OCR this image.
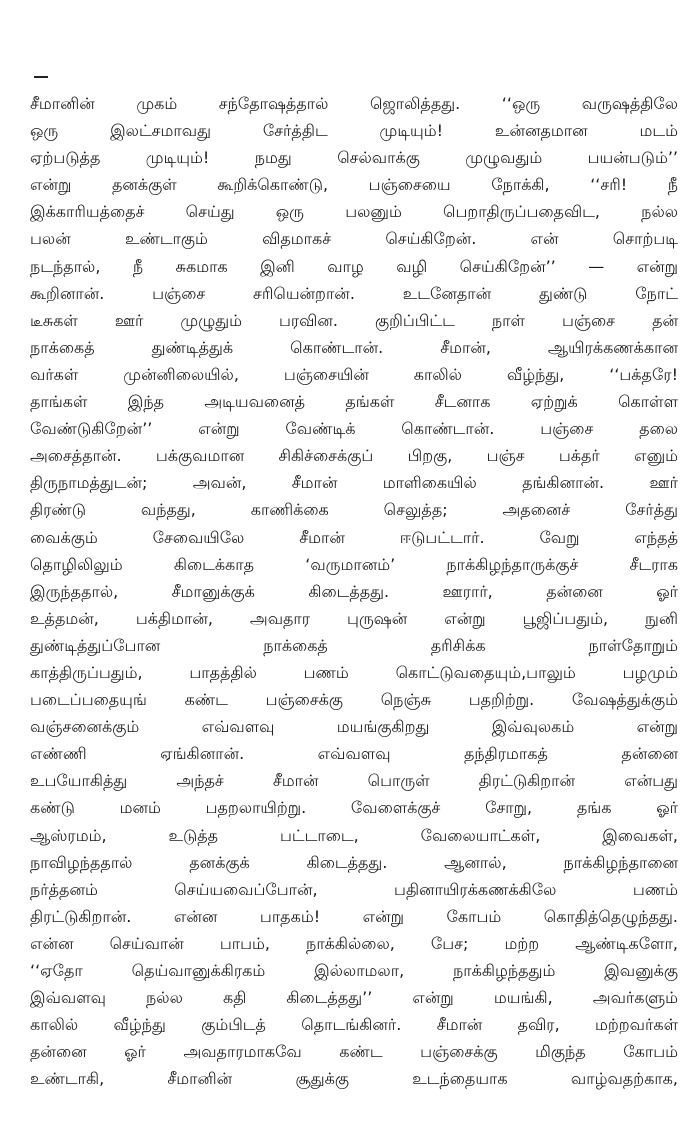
சீமானின் முகம் சந்தோஷத்தால் ஜொலித்தது. ‘‘ஒரு வருஷத்திலே
ஒரு இலட்சமாவது சேர்த்திட முடியும்! உன்னதமான மடம்
ஏற்படுத்த முடியும்! நமது செல்வாக்கு முழுவதும் பயன்படும்’’
என்று தனக்குள் கூறிக்கொண்டு, பஞ்சையை நோக்கி, ‘‘சரி! நீ
இக்காரியத்தைச் செய்து ஒரு பலனும் பெறாதிருப்பதைவிட, நல்ல
பலன் உண்டாகும் விதமாகச் செய்கிறேன். என் சொற்படி
நடந்தால், நீ சுகமாக இனி வாழ வழி செய்கிறேன்’’ — என்று
கூறினான். பஞ்சை சரியென்றான். உடனேதான் துண்டு நோட்
டீசுகள் ஊர் முழுதும் பரவின. குறிப்பிட்ட நாள் பஞ்சை தன்
நாக்கைத் துண்டித்துக் கொண்டான். சீமான், ஆயிரக்கணக்கான
வர்கள் முன்னிலையில், பஞ்சையின் காலில் வீழ்ந்து, ‘‘பக்தரே!
தாங்கள் இந்த அடியவனைத் தங்கள் சீடனாக ஏற்றுக் கொள்ள
வேண்டுகிறேன்’’ என்று வேண்டிக் கொண்டான். பஞ்சை தலை
அசைத்தான். பக்குவமான சிகிச்சைக்குப் பிறகு, பஞ்ச பக்தர் எனும்
திருநாமத்துடன்; அவன், சீமான் மாளிகையில் தங்கினான். ஊர்
திரண்டு வந்தது, காணிக்கை செலுத்த; அதனைச் சேர்த்து
வைக்கும் சேவையிலே சீமான் ஈடுபட்டார். வேறு எந்தத்
தொழிலிலும் கிடைக்காத ‘வருமானம்’ நாக்கிழந்தாருக்குச் சீடராக
இருந்ததால், சீமானுக்குக் கிடைத்தது. ஊரார், தன்னை ஓர்
உத்தமன், பக்திமான், அவதார புருஷன் என்று பூஜிப்பதும், நுனி
துண்டித்துப்போன நாக்கைத் தரிசிக்க நாள்தோறும்
காத்திருப்பதும், பாதத்தில் பணம் கொட்டுவதையும்,பாலும் பழமும்
படைப்பதையுங் கண்ட பஞ்சைக்கு நெஞ்சு பதறிற்று. வேஷத்துக்கும்
வஞ்சனைக்கும் எவ்வளவு மயங்குகிறது இவ்வுலகம் என்று
எண்ணி ஏங்கினான். எவ்வளவு தந்திரமாகத் தன்னை
உபயோகித்து அந்தச் சீமான் பொருள் திரட்டுகிறான் என்பது
கண்டு மனம் பதறலாயிற்று. வேளைக்குச் சோறு, தங்க ஓர்
ஆஸ்ரமம், உடுத்த பட்டாடை, வேலையாட்கள், இவைகள்,
நாவிழந்ததால் தனக்குக் கிடைத்தது. ஆனால், நாக்கிழந்தானை
நர்த்தனம் செய்யவைப்போன், பதினாயிரக்கணக்கிலே பணம்
திரட்டுகிறான். என்ன பாதகம்! என்று கோபம் கொதித்தெழுந்தது.
என்ன செய்வான் பாபம், நாக்கில்லை, பேச; மற்ற ஆண்டிகளோ,
‘‘ஏதோ தெய்வானுக்கிரகம் இல்லாமலா, நாக்கிழந்ததும் இவனுக்கு
இவ்வளவு நல்ல கதி கிடைத்தது’’ என்று மயங்கி, அவர்களும்
காலில் வீழ்ந்து கும்பிடத் தொடங்கினர். சீமான் தவிர, மற்றவர்கள்
தன்னை ஓர் அவதாரமாகவே கண்ட பஞ்சைக்கு மிகுந்த கோபம்
உண்டாகி, சீமானின் சூதுக்கு உடந்தையாக வாழ்வதற்காக,
